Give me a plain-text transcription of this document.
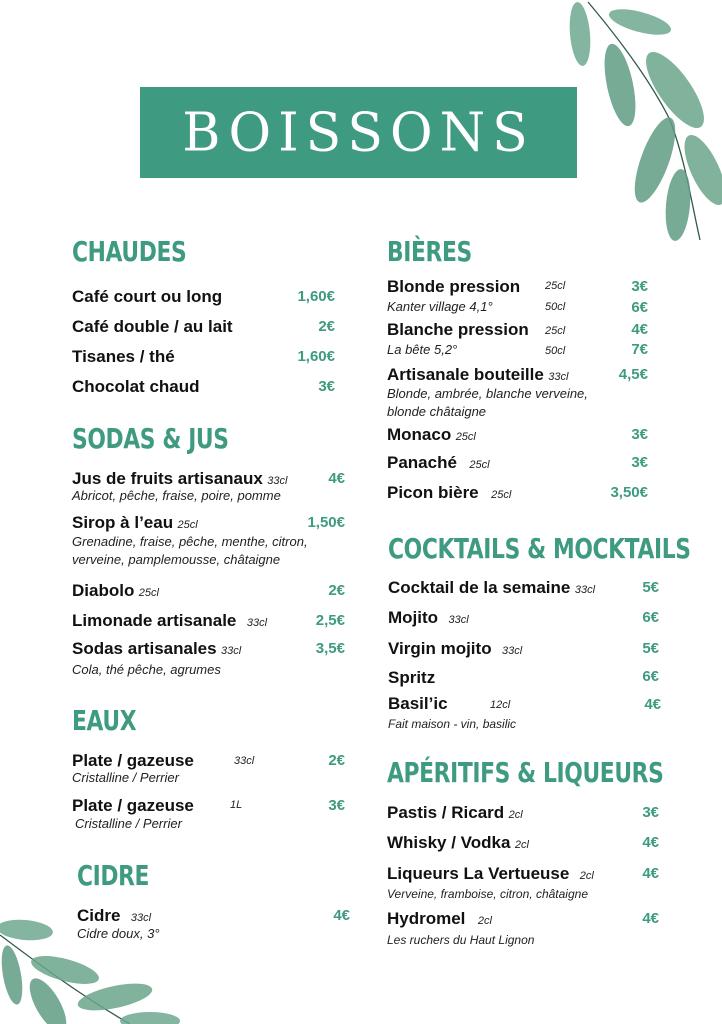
BOISSONS
CHAUDES
Café court ou long	1,60€
Café double / au lait	2€
Tisanes / thé	1,60€
Chocolat chaud	3€
SODAS & JUS
Jus de fruits artisanaux 33cl	4€
Abricot, pêche, fraise, poire, pomme
Sirop à l’eau 25cl	1,50€
Grenadine, fraise, pêche, menthe, citron,
verveine, pamplemousse, châtaigne
Diabolo 25cl	2€
Limonade artisanale 33cl	2,5€
Sodas artisanales 33cl	3,5€
Cola, thé pêche, agrumes
EAUX
Plate / gazeuse	33cl	2€
Cristalline / Perrier
Plate / gazeuse	1L	3€
Cristalline / Perrier
CIDRE
Cidre 33cl	4€
Cidre doux, 3°
BIÈRES
Blonde pression 25cl	3€
Kanter village 4,1°	50cl	6€
Blanche pression 25cl	4€
La bête 5,2°	50cl	7€
Artisanale bouteille 33cl	4,5€
Blonde, ambrée, blanche verveine,
blonde châtaigne
Monaco 25cl	3€
Panaché 25cl	3€
Picon bière 25cl	3,50€
COCKTAILS & MOCKTAILS
Cocktail de la semaine 33cl	5€
Mojito 33cl	6€
Virgin mojito 33cl	5€
Spritz	6€
Basil’ic	12cl	4€
Fait maison - vin, basilic
APÉRITIFS & LIQUEURS
Pastis / Ricard 2cl	3€
Whisky / Vodka 2cl	4€
Liqueurs La Vertueuse 2cl	4€
Verveine, framboise, citron, châtaigne
Hydromel 2cl	4€
Les ruchers du Haut Lignon
